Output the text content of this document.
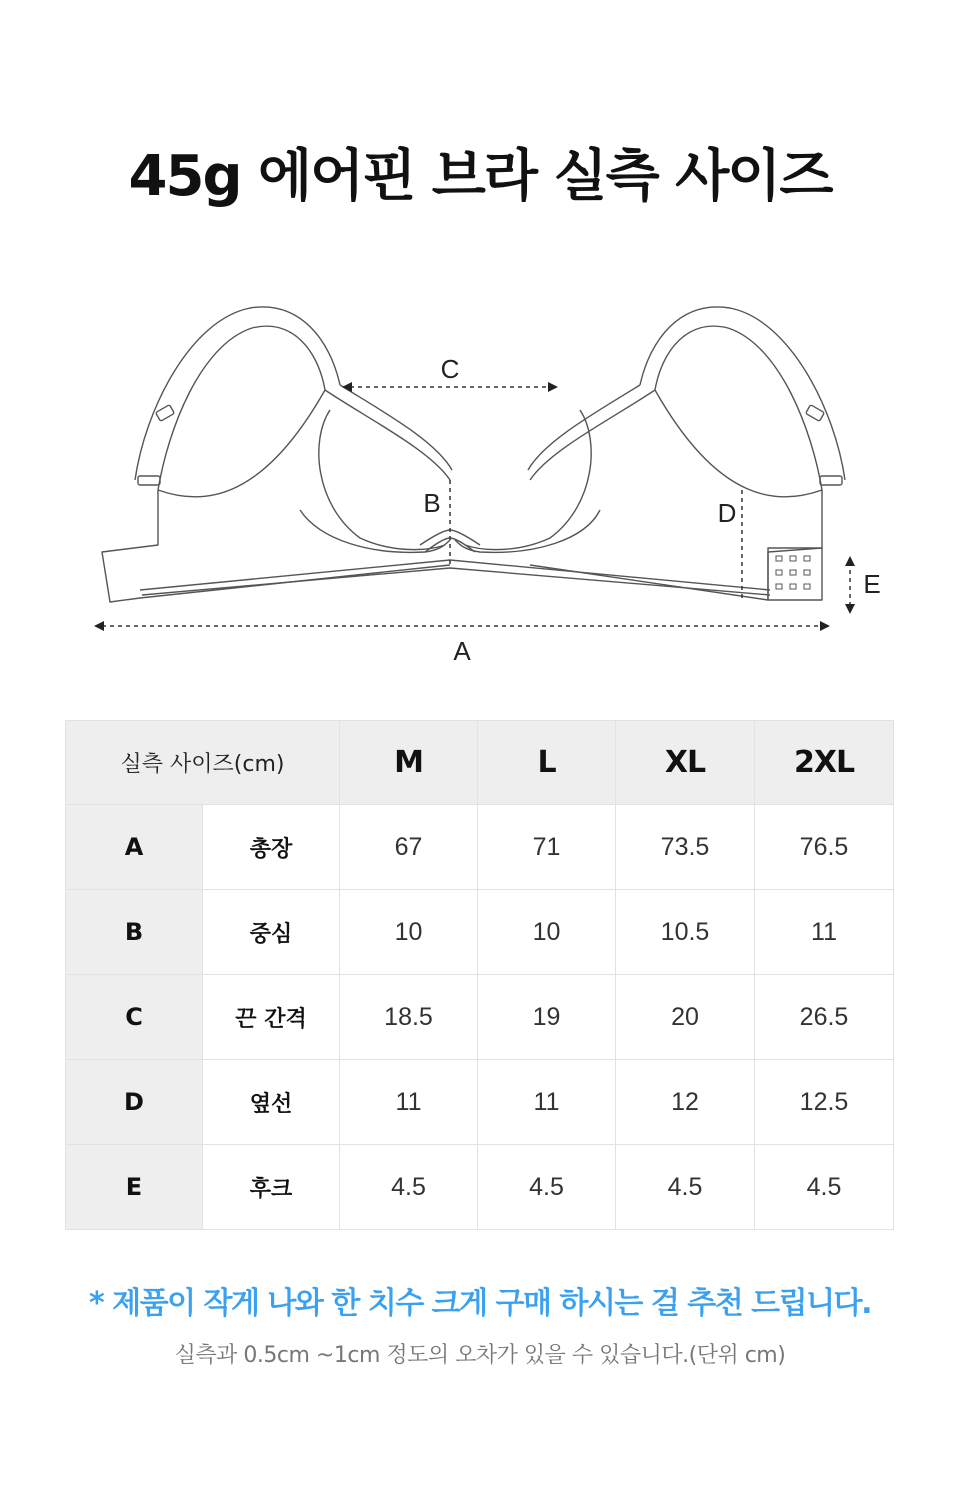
45g 에어핀 브라 실측 사이즈
C
B	D
E
A
실측 사이즈(cm)		M	L	XL	2XL
A	총장	67	71	73.5	76.5
B	중심	10	10	10.5	11
C	끈 간격	18.5	19	20	26.5
D	옆선	11	11	12	12.5
E	후크	4.5	4.5	4.5	4.5
* 제품이 작게 나와 한 치수 크게 구매 하시는 걸 추천 드립니다.
실측과 0.5cm ~1cm 정도의 오차가 있을 수 있습니다.(단위 cm)
